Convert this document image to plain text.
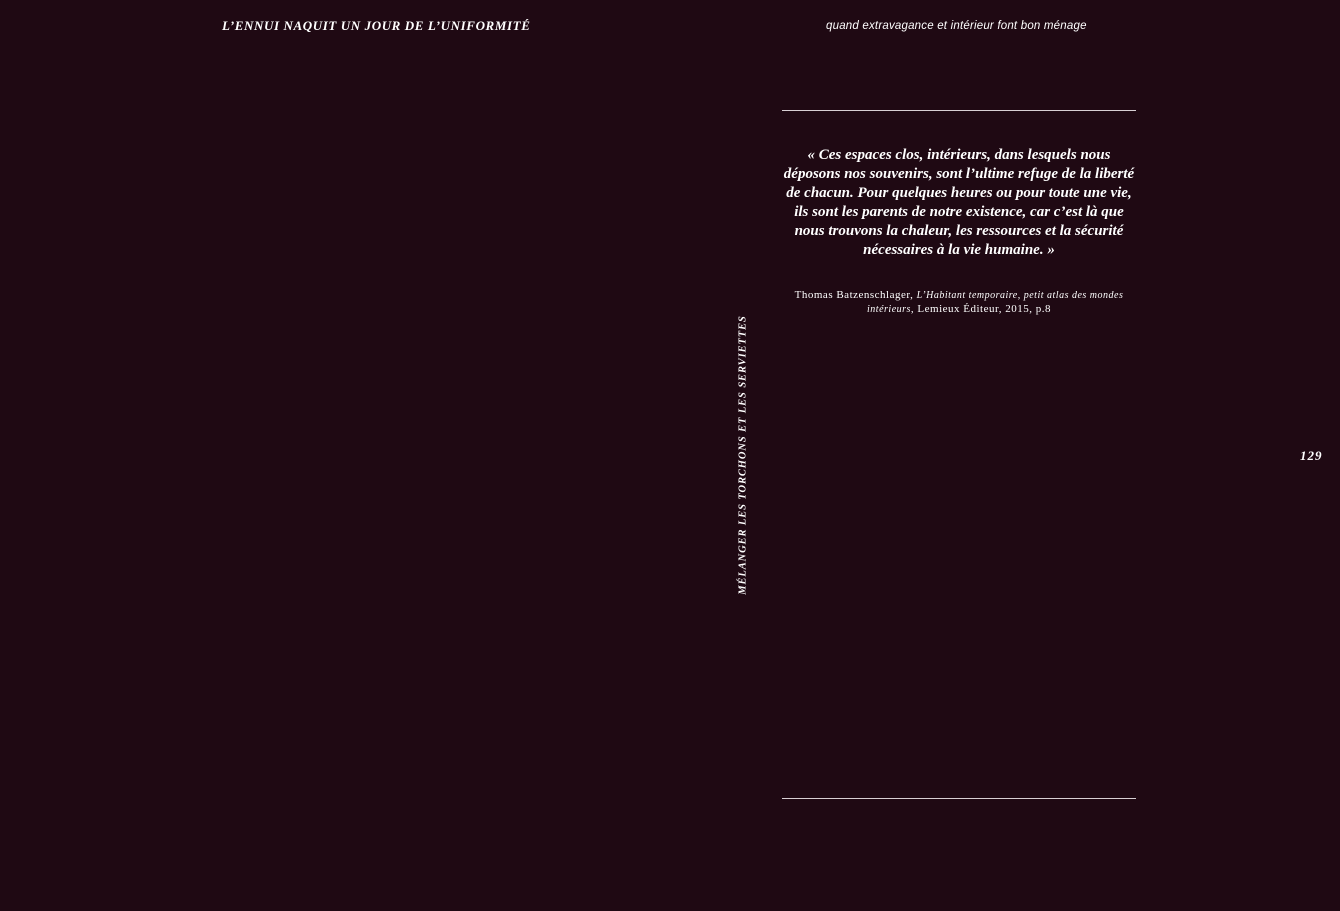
L’ENNUI NAQUIT UN JOUR DE L’UNIFORMITÉ	quand extravagance et intérieur font bon ménage

« Ces espaces clos, intérieurs, dans lesquels nous déposons nos souvenirs, sont l’ultime refuge de la liberté de chacun. Pour quelques heures ou pour toute une vie, ils sont les parents de notre existence, car c’est là que nous trouvons la chaleur, les ressources et la sécurité nécessaires à la vie humaine. »

Thomas Batzenschlager, L’Habitant temporaire, petit atlas des mondes intérieurs, Lemieux Éditeur, 2015, p.8

MÉLANGER LES TORCHONS ET LES SERVIETTES	129
